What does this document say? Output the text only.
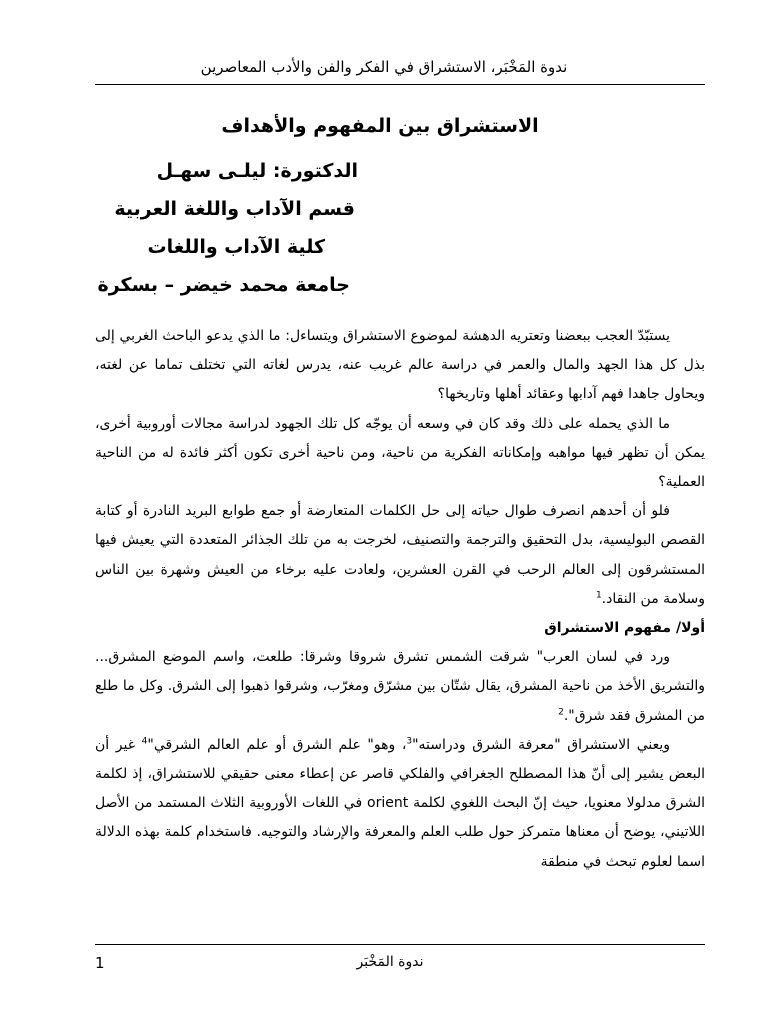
ندوة المَخْبَر، الاستشراق في الفكر والفن والأدب المعاصرين
الاستشراق بين المفهوم والأهداف
الدكتورة: ليلـى سهـل
قسم الآداب واللغة العربية
كلية الآداب واللغات
جامعة محمد خيضر – بسكرة

يستبّدّ العجب ببعضنا وتعتريه الدهشة لموضوع الاستشراق ويتساءل: ما الذي يدعو الباحث الغربي إلى بذل كل هذا الجهد والمال والعمر في دراسة عالم غريب عنه، يدرس لغاته التي تختلف تماما عن لغته، ويحاول جاهدا فهم آدابها وعقائد أهلها وتاريخها؟

ما الذي يحمله على ذلك وقد كان في وسعه أن يوجّه كل تلك الجهود لدراسة مجالات أوروبية أخرى، يمكن أن تظهر فيها مواهبه وإمكاناته الفكرية من ناحية، ومن ناحية أخرى تكون أكثر فائدة له من الناحية العملية؟

فلو أن أحدهم انصرف طوال حياته إلى حل الكلمات المتعارضة أو جمع طوابع البريد النادرة أو كتابة القصص البوليسية، بدل التحقيق والترجمة والتصنيف، لخرجت به من تلك الجذائر المتعددة التي يعيش فيها المستشرقون إلى العالم الرحب في القرن العشرين، ولعادت عليه برخاء من العيش وشهرة بين الناس وسلامة من النقاد.$^1$

أولا/ مفهوم الاستشراق

ورد في لسان العرب" شرقت الشمس تشرق شروقا وشرقا: طلعت، واسم الموضع المشرق... والتشريق الأخذ من ناحية المشرق، يقال شتّان بين مشرّق ومغرّب، وشرقوا ذهبوا إلى الشرق. وكل ما طلع من المشرق فقد شرق".$^2$

ويعني الاستشراق "معرفة الشرق ودراسته"$^3$، وهو" علم الشرق أو علم العالم الشرقي"$^4$ غير أن البعض يشير إلى أنّ هذا المصطلح الجغرافي والفلكي قاصر عن إعطاء معنى حقيقي للاستشراق، إذ لكلمة الشرق مدلولا معنويا، حيث إنّ البحث اللغوي لكلمة orient في اللغات الأوروبية الثلاث المستمد من الأصل اللاتيني، يوضح أن معناها متمركز حول طلب العلم والمعرفة والإرشاد والتوجيه. فاستخدام كلمة بهذه الدلالة اسما لعلوم تبحث في منطقة

ندوة المَخْبَر
1
